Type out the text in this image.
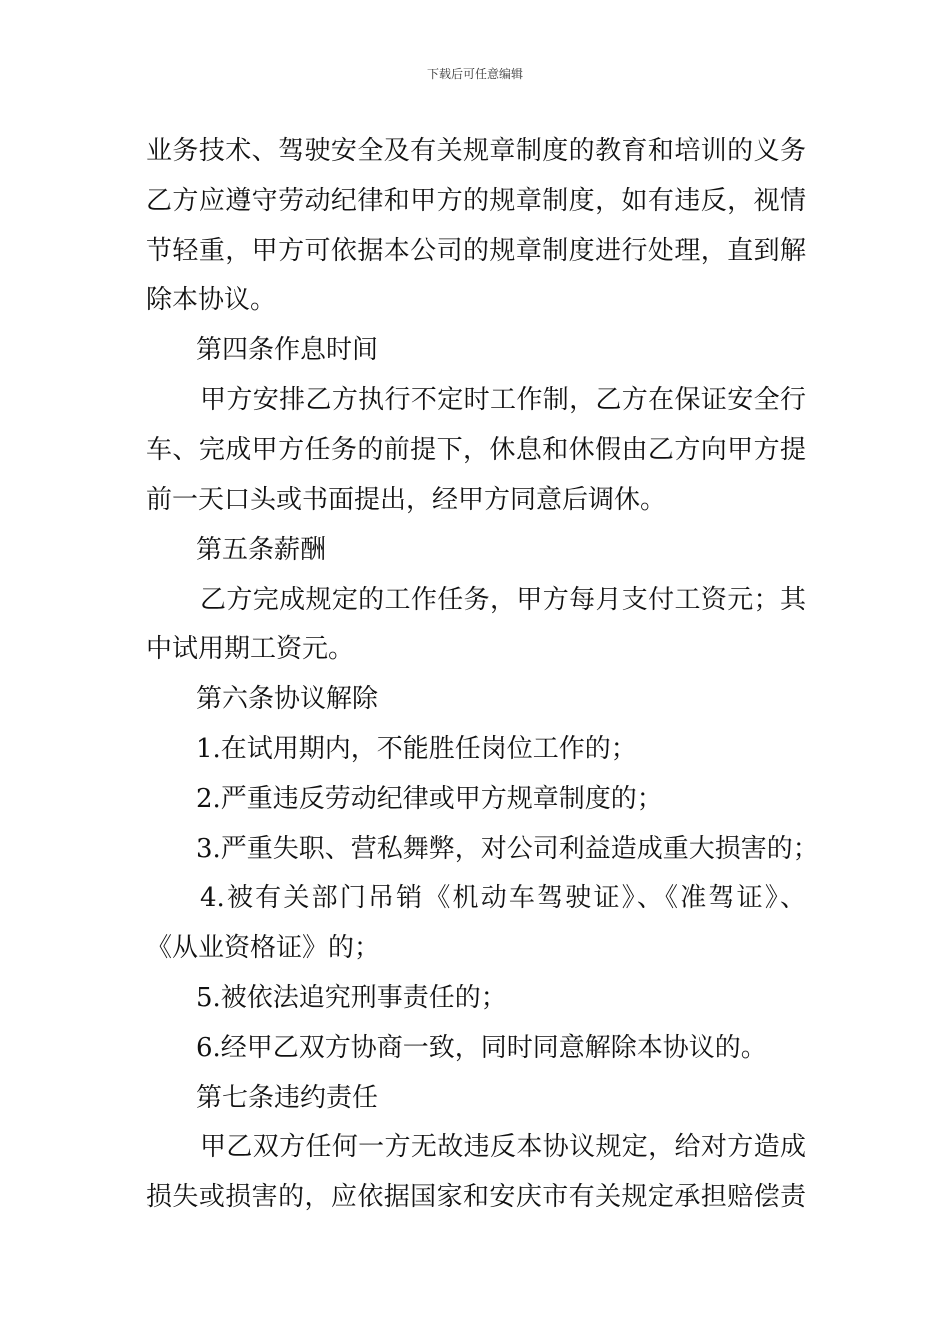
下载后可任意编辑
业务技术、驾驶安全及有关规章制度的教育和培训的义务
乙方应遵守劳动纪律和甲方的规章制度，如有违反，视情
节轻重，甲方可依据本公司的规章制度进行处理，直到解
除本协议。
第四条作息时间
甲方安排乙方执行不定时工作制，乙方在保证安全行
车、完成甲方任务的前提下，休息和休假由乙方向甲方提
前一天口头或书面提出，经甲方同意后调休。
第五条薪酬
乙方完成规定的工作任务，甲方每月支付工资元；其
中试用期工资元。
第六条协议解除
1.在试用期内，不能胜任岗位工作的；
2.严重违反劳动纪律或甲方规章制度的；
3.严重失职、营私舞弊，对公司利益造成重大损害的；
4.被有关部门吊销《机动车驾驶证》、《准驾证》、
《从业资格证》的；
5.被依法追究刑事责任的；
6.经甲乙双方协商一致，同时同意解除本协议的。
第七条违约责任
甲乙双方任何一方无故违反本协议规定，给对方造成
损失或损害的，应依据国家和安庆市有关规定承担赔偿责
